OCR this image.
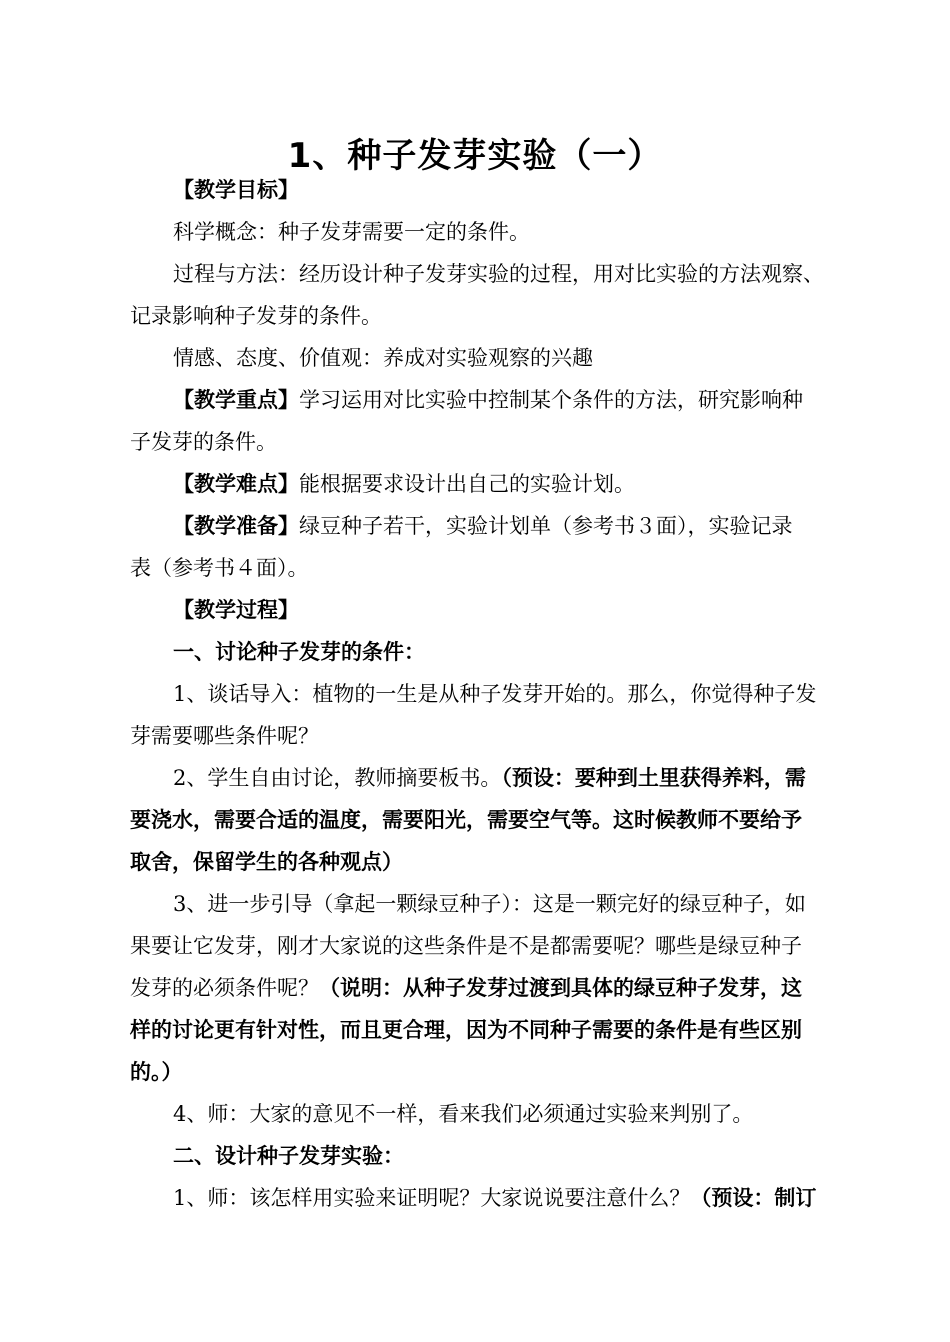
1、种子发芽实验（一）
【教学目标】
科学概念：种子发芽需要一定的条件。
过程与方法：经历设计种子发芽实验的过程，用对比实验的方法观察、
记录影响种子发芽的条件。
情感、态度、价值观：养成对实验观察的兴趣
【教学重点】学习运用对比实验中控制某个条件的方法，研究影响种
子发芽的条件。
【教学难点】能根据要求设计出自己的实验计划。
【教学准备】绿豆种子若干，实验计划单（参考书３面），实验记录
表（参考书４面）。
【教学过程】
一、讨论种子发芽的条件：
1、谈话导入：植物的一生是从种子发芽开始的。那么，你觉得种子发
芽需要哪些条件呢？
2、学生自由讨论，教师摘要板书。（预设：要种到土里获得养料，需
要浇水，需要合适的温度，需要阳光，需要空气等。这时候教师不要给予
取舍，保留学生的各种观点）
3、进一步引导（拿起一颗绿豆种子）：这是一颗完好的绿豆种子，如
果要让它发芽，刚才大家说的这些条件是不是都需要呢？哪些是绿豆种子
发芽的必须条件呢？（说明：从种子发芽过渡到具体的绿豆种子发芽，这
样的讨论更有针对性，而且更合理，因为不同种子需要的条件是有些区别
的。）
4、师：大家的意见不一样，看来我们必须通过实验来判别了。
二、设计种子发芽实验：
1、师：该怎样用实验来证明呢？大家说说要注意什么？（预设：制订
